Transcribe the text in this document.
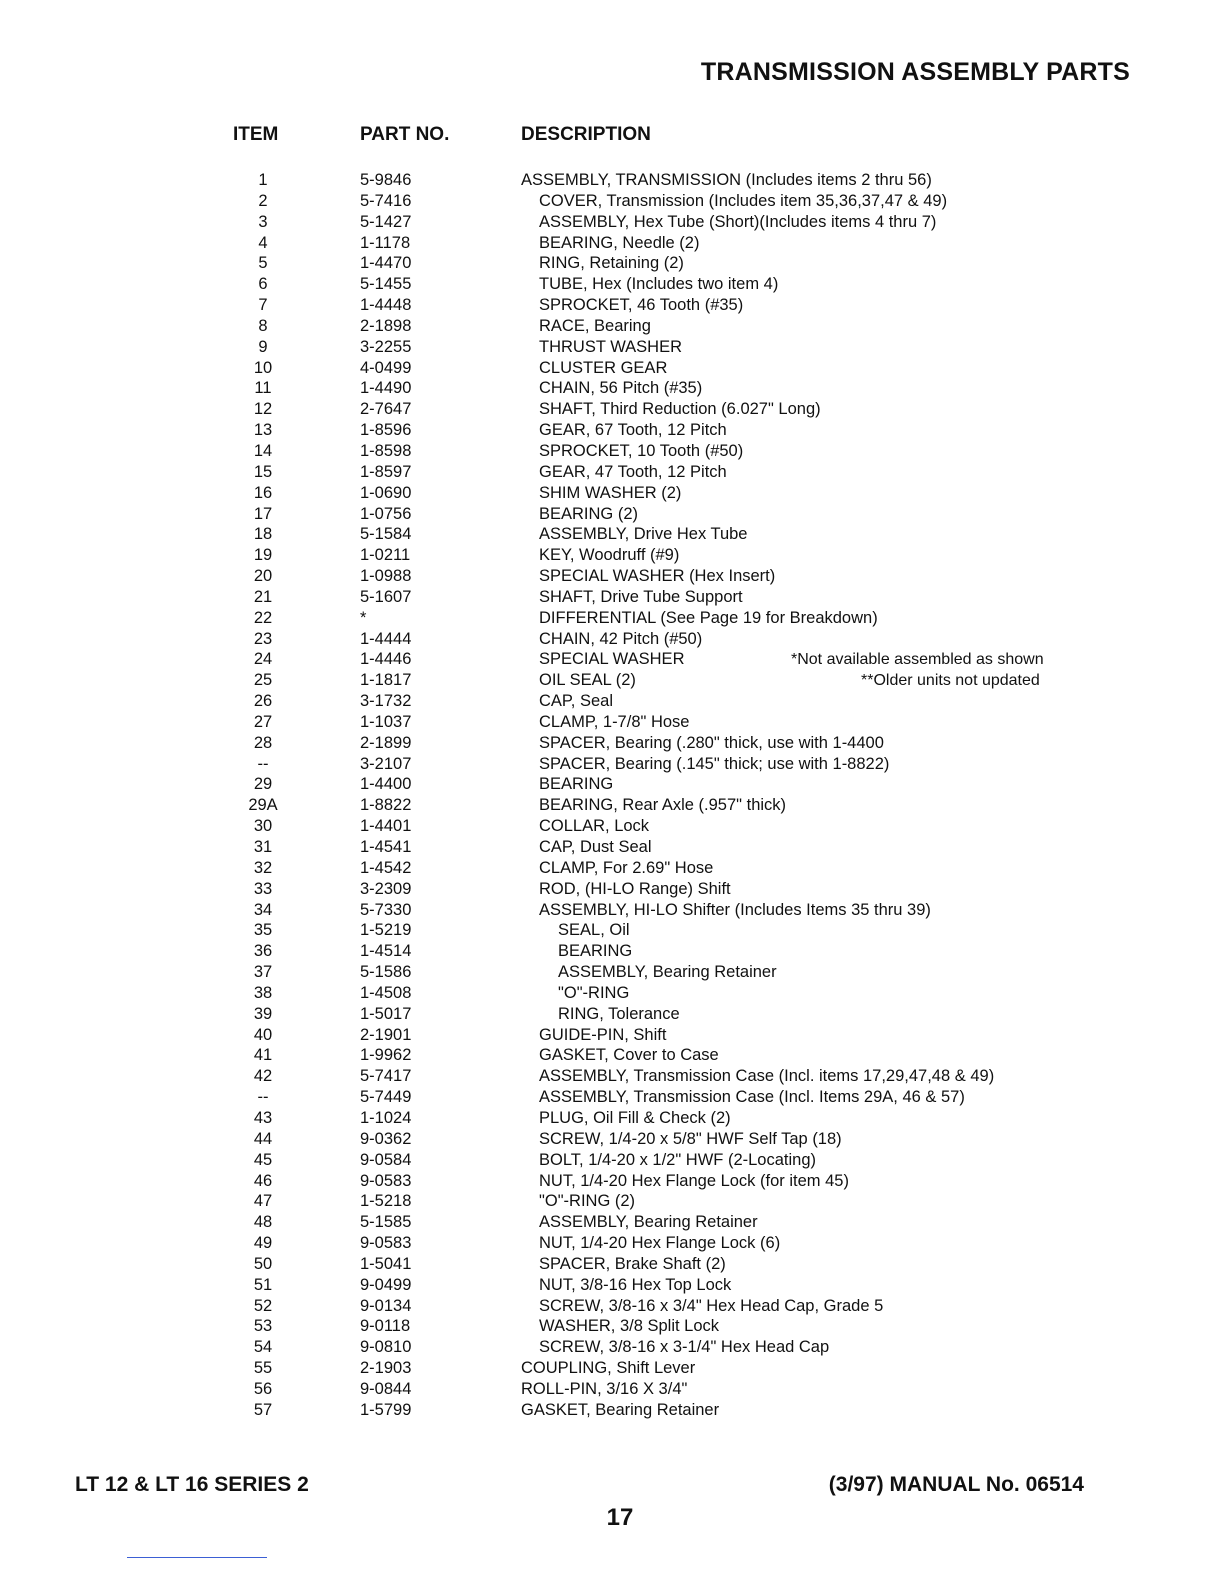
TRANSMISSION ASSEMBLY PARTS
ITEM	PART NO.	DESCRIPTION
1	5-9846	ASSEMBLY, TRANSMISSION (Includes items 2 thru 56)
2	5-7416	COVER, Transmission (Includes item 35,36,37,47 & 49)
3	5-1427	ASSEMBLY, Hex Tube (Short)(Includes items 4 thru 7)
4	1-1178	BEARING, Needle (2)
5	1-4470	RING, Retaining (2)
6	5-1455	TUBE, Hex (Includes two item 4)
7	1-4448	SPROCKET, 46 Tooth (#35)
8	2-1898	RACE, Bearing
9	3-2255	THRUST WASHER
10	4-0499	CLUSTER GEAR
11	1-4490	CHAIN, 56 Pitch (#35)
12	2-7647	SHAFT, Third Reduction (6.027" Long)
13	1-8596	GEAR, 67 Tooth, 12 Pitch
14	1-8598	SPROCKET, 10 Tooth (#50)
15	1-8597	GEAR, 47 Tooth, 12 Pitch
16	1-0690	SHIM WASHER (2)
17	1-0756	BEARING (2)
18	5-1584	ASSEMBLY, Drive Hex Tube
19	1-0211	KEY, Woodruff (#9)
20	1-0988	SPECIAL WASHER (Hex Insert)
21	5-1607	SHAFT, Drive Tube Support
22	*	DIFFERENTIAL (See Page 19 for Breakdown)
23	1-4444	CHAIN, 42 Pitch (#50)
24	1-4446	SPECIAL WASHER
25	1-1817	OIL SEAL (2)
26	3-1732	CAP, Seal
27	1-1037	CLAMP, 1-7/8" Hose
28	2-1899	SPACER, Bearing (.280" thick, use with 1-4400
--	3-2107	SPACER, Bearing (.145" thick; use with 1-8822)
29	1-4400	BEARING
29A	1-8822	BEARING, Rear Axle (.957" thick)
30	1-4401	COLLAR, Lock
31	1-4541	CAP, Dust Seal
32	1-4542	CLAMP, For 2.69" Hose
33	3-2309	ROD, (HI-LO Range) Shift
34	5-7330	ASSEMBLY, HI-LO Shifter (Includes Items 35 thru 39)
35	1-5219	SEAL, Oil
36	1-4514	BEARING
37	5-1586	ASSEMBLY, Bearing Retainer
38	1-4508	"O"-RING
39	1-5017	RING, Tolerance
40	2-1901	GUIDE-PIN, Shift
41	1-9962	GASKET, Cover to Case
42	5-7417	ASSEMBLY, Transmission Case (Incl. items 17,29,47,48 & 49)
--	5-7449	ASSEMBLY, Transmission Case (Incl. Items 29A, 46 & 57)
43	1-1024	PLUG, Oil Fill & Check (2)
44	9-0362	SCREW, 1/4-20 x 5/8" HWF Self Tap (18)
45	9-0584	BOLT, 1/4-20 x 1/2" HWF (2-Locating)
46	9-0583	NUT, 1/4-20 Hex Flange Lock (for item 45)
47	1-5218	"O"-RING (2)
48	5-1585	ASSEMBLY, Bearing Retainer
49	9-0583	NUT, 1/4-20 Hex Flange Lock (6)
50	1-5041	SPACER, Brake Shaft (2)
51	9-0499	NUT, 3/8-16 Hex Top Lock
52	9-0134	SCREW, 3/8-16 x 3/4" Hex Head Cap, Grade 5
53	9-0118	WASHER, 3/8 Split Lock
54	9-0810	SCREW, 3/8-16 x 3-1/4" Hex Head Cap
55	2-1903	COUPLING, Shift Lever
56	9-0844	ROLL-PIN, 3/16 X 3/4"
57	1-5799	GASKET, Bearing Retainer
*Not available assembled as shown
**Older units not updated
LT 12 & LT 16 SERIES 2	(3/97) MANUAL No. 06514
17
